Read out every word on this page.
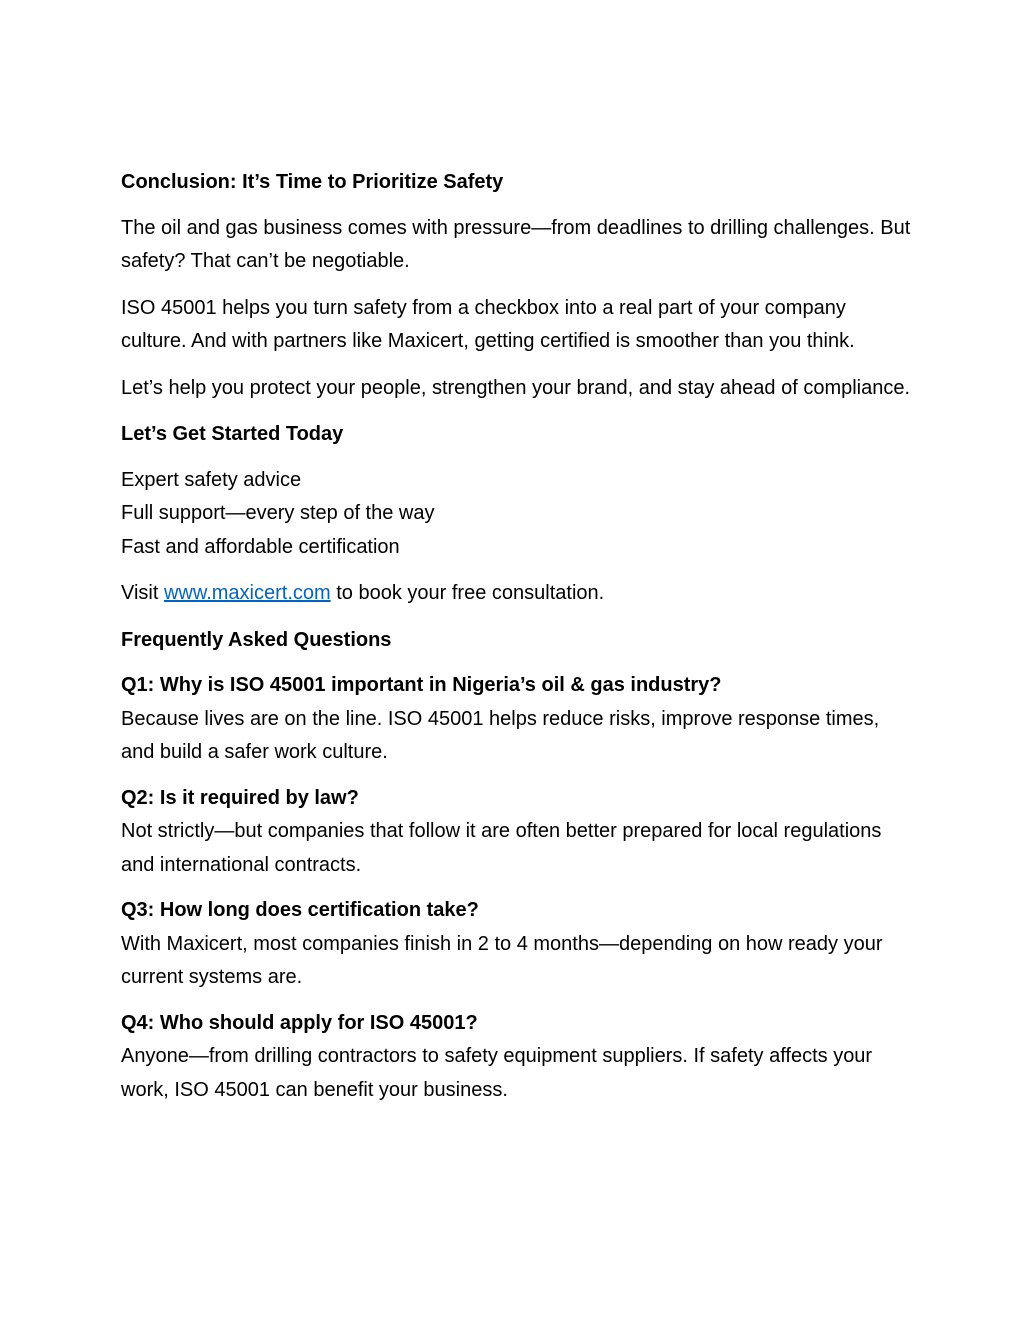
Conclusion: It’s Time to Prioritize Safety

The oil and gas business comes with pressure—from deadlines to drilling challenges. But safety? That can’t be negotiable.

ISO 45001 helps you turn safety from a checkbox into a real part of your company culture. And with partners like Maxicert, getting certified is smoother than you think.

Let’s help you protect your people, strengthen your brand, and stay ahead of compliance.

Let’s Get Started Today

Expert safety advice
Full support—every step of the way
Fast and affordable certification

Visit www.maxicert.com to book your free consultation.

Frequently Asked Questions
Q1: Why is ISO 45001 important in Nigeria’s oil & gas industry?
Because lives are on the line. ISO 45001 helps reduce risks, improve response times, and build a safer work culture.
Q2: Is it required by law?
Not strictly—but companies that follow it are often better prepared for local regulations and international contracts.
Q3: How long does certification take?
With Maxicert, most companies finish in 2 to 4 months—depending on how ready your current systems are.
Q4: Who should apply for ISO 45001?
Anyone—from drilling contractors to safety equipment suppliers. If safety affects your work, ISO 45001 can benefit your business.
